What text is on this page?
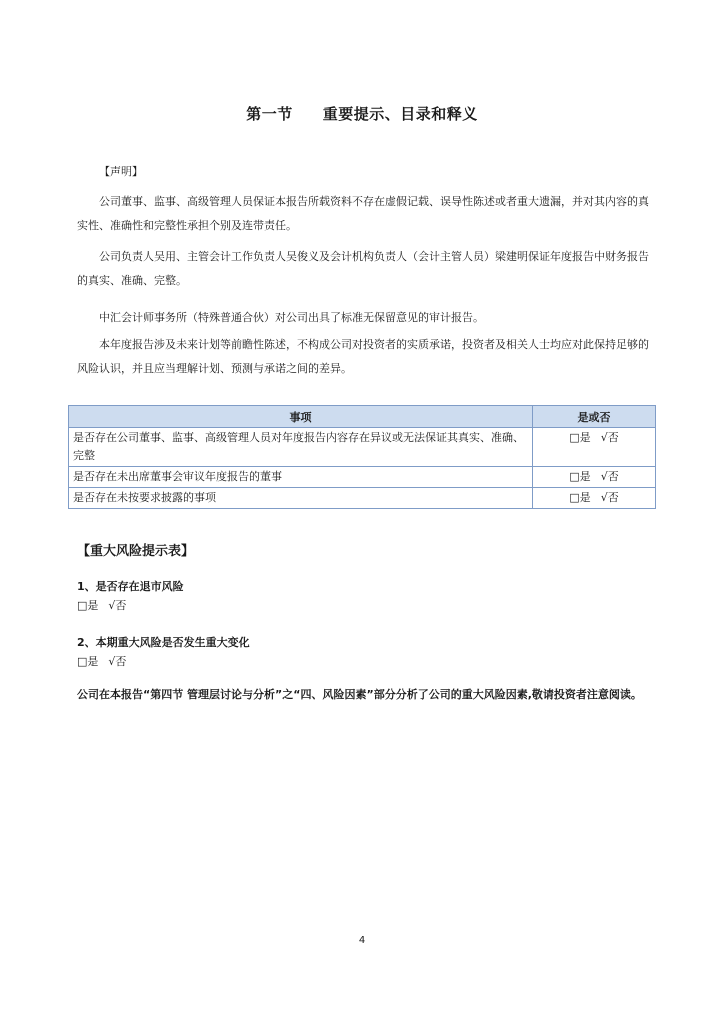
第一节 重要提示、目录和释义
【声明】
公司董事、监事、高级管理人员保证本报告所载资料不存在虚假记载、误导性陈述或者重大遗漏，并对其内容的真实性、准确性和完整性承担个别及连带责任。
公司负责人吴用、主管会计工作负责人吴俊义及会计机构负责人（会计主管人员）梁建明保证年度报告中财务报告的真实、准确、完整。
中汇会计师事务所（特殊普通合伙）对公司出具了标准无保留意见的审计报告。
本年度报告涉及未来计划等前瞻性陈述，不构成公司对投资者的实质承诺，投资者及相关人士均应对此保持足够的风险认识，并且应当理解计划、预测与承诺之间的差异。
事项	是或否
是否存在公司董事、监事、高级管理人员对年度报告内容存在异议或无法保证其真实、准确、完整	□是 √否
是否存在未出席董事会审议年度报告的董事	□是 √否
是否存在未按要求披露的事项	□是 √否
【重大风险提示表】
1、是否存在退市风险
□是 √否
2、本期重大风险是否发生重大变化
□是 √否
公司在本报告“第四节 管理层讨论与分析”之“四、风险因素”部分分析了公司的重大风险因素,敬请投资者注意阅读。
4
